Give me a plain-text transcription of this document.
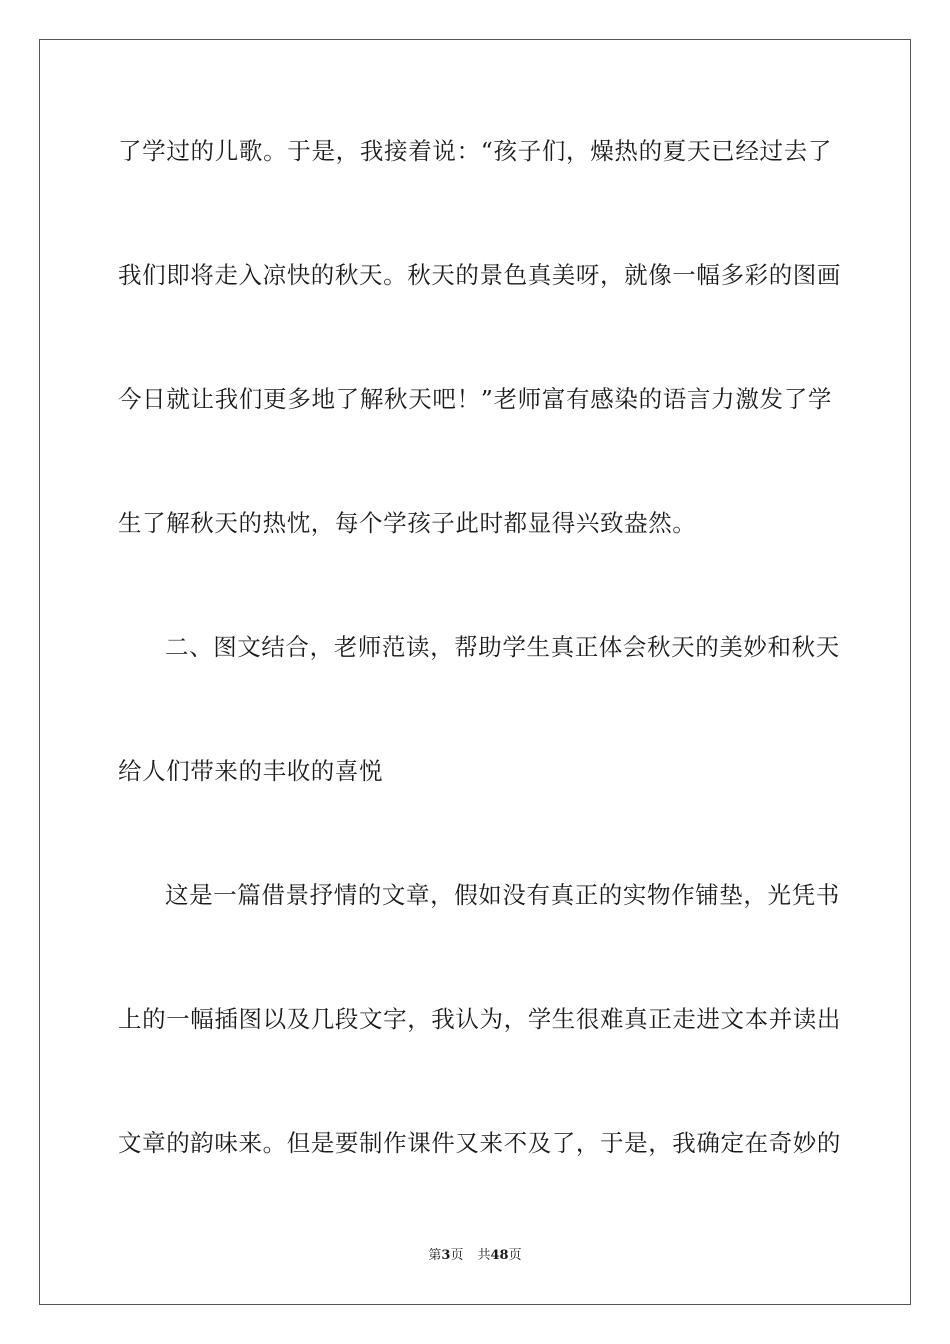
了学过的儿歌。于是，我接着说：“孩子们，燥热的夏天已经过去了
我们即将走入凉快的秋天。秋天的景色真美呀，就像一幅多彩的图画
今日就让我们更多地了解秋天吧！”老师富有感染的语言力激发了学
生了解秋天的热忱，每个学孩子此时都显得兴致盎然。
二、图文结合，老师范读，帮助学生真正体会秋天的美妙和秋天
给人们带来的丰收的喜悦
这是一篇借景抒情的文章，假如没有真正的实物作铺垫，光凭书
上的一幅插图以及几段文字，我认为，学生很难真正走进文本并读出
文章的韵味来。但是要制作课件又来不及了，于是，我确定在奇妙的
第3页 共48页
